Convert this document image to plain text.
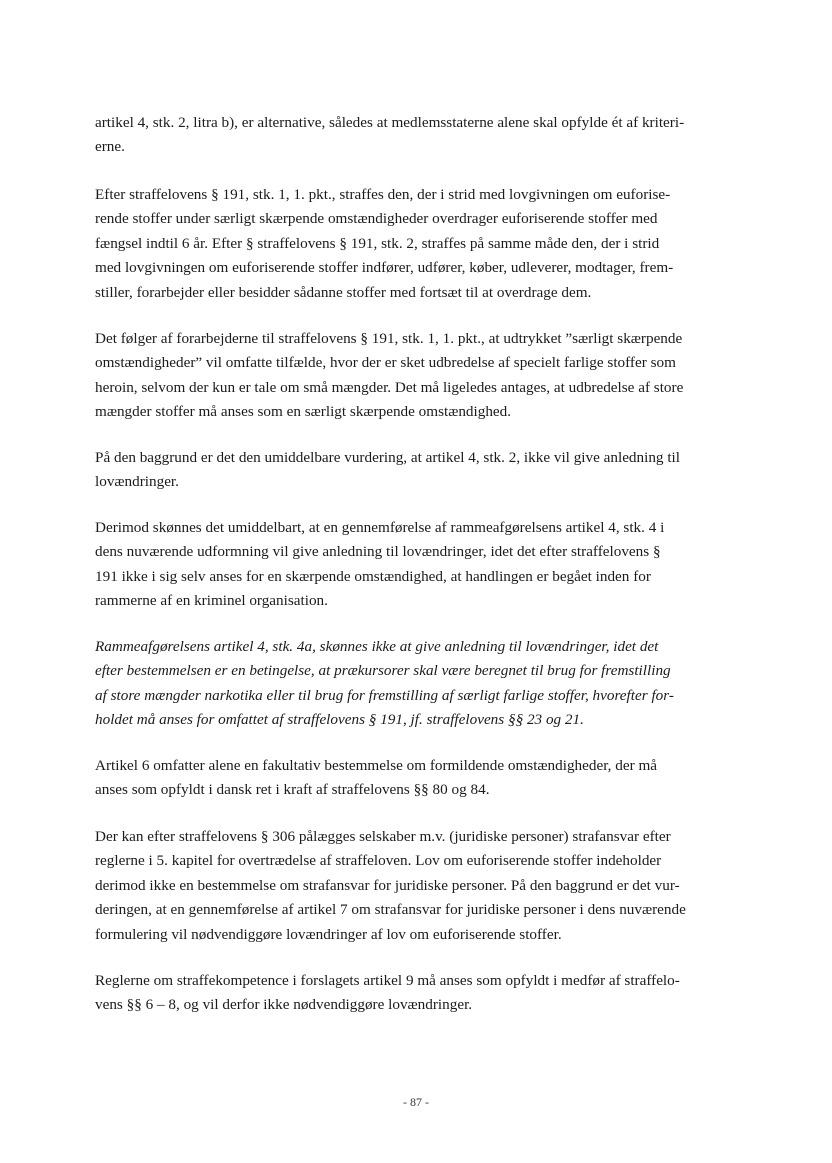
artikel 4, stk. 2, litra b), er alternative, således at medlemsstaterne alene skal opfylde ét af kriteri-
erne.

Efter straffelovens § 191, stk. 1, 1. pkt., straffes den, der i strid med lovgivningen om euforise-
rende stoffer under særligt skærpende omstændigheder overdrager euforiserende stoffer med
fængsel indtil 6 år. Efter § straffelovens § 191, stk. 2, straffes på samme måde den, der i strid
med lovgivningen om euforiserende stoffer indfører, udfører, køber, udleverer, modtager, frem-
stiller, forarbejder eller besidder sådanne stoffer med fortsæt til at overdrage dem.

Det følger af forarbejderne til straffelovens § 191, stk. 1, 1. pkt., at udtrykket ”særligt skærpende
omstændigheder” vil omfatte tilfælde, hvor der er sket udbredelse af specielt farlige stoffer som
heroin, selvom der kun er tale om små mængder. Det må ligeledes antages, at udbredelse af store
mængder stoffer må anses som en særligt skærpende omstændighed.

På den baggrund er det den umiddelbare vurdering, at artikel 4, stk. 2, ikke vil give anledning til
lovændringer.

Derimod skønnes det umiddelbart, at en gennemførelse af rammeafgørelsens artikel 4, stk. 4 i
dens nuværende udformning vil give anledning til lovændringer, idet det efter straffelovens §
191 ikke i sig selv anses for en skærpende omstændighed, at handlingen er begået inden for
rammerne af en kriminel organisation.

Rammeafgørelsens artikel 4, stk. 4a, skønnes ikke at give anledning til lovændringer, idet det
efter bestemmelsen er en betingelse, at prækursorer skal være beregnet til brug for fremstilling
af store mængder narkotika eller til brug for fremstilling af særligt farlige stoffer, hvorefter for-
holdet må anses for omfattet af straffelovens § 191, jf. straffelovens §§ 23 og 21.

Artikel 6 omfatter alene en fakultativ bestemmelse om formildende omstændigheder, der må
anses som opfyldt i dansk ret i kraft af straffelovens §§ 80 og 84.

Der kan efter straffelovens § 306 pålægges selskaber m.v. (juridiske personer) strafansvar efter
reglerne i 5. kapitel for overtrædelse af straffeloven. Lov om euforiserende stoffer indeholder
derimod ikke en bestemmelse om strafansvar for juridiske personer. På den baggrund er det vur-
deringen, at en gennemførelse af artikel 7 om strafansvar for juridiske personer i dens nuværende
formulering vil nødvendiggøre lovændringer af lov om euforiserende stoffer.

Reglerne om straffekompetence i forslagets artikel 9 må anses som opfyldt i medfør af straffelo-
vens §§ 6 – 8, og vil derfor ikke nødvendiggøre lovændringer.

- 87 -
